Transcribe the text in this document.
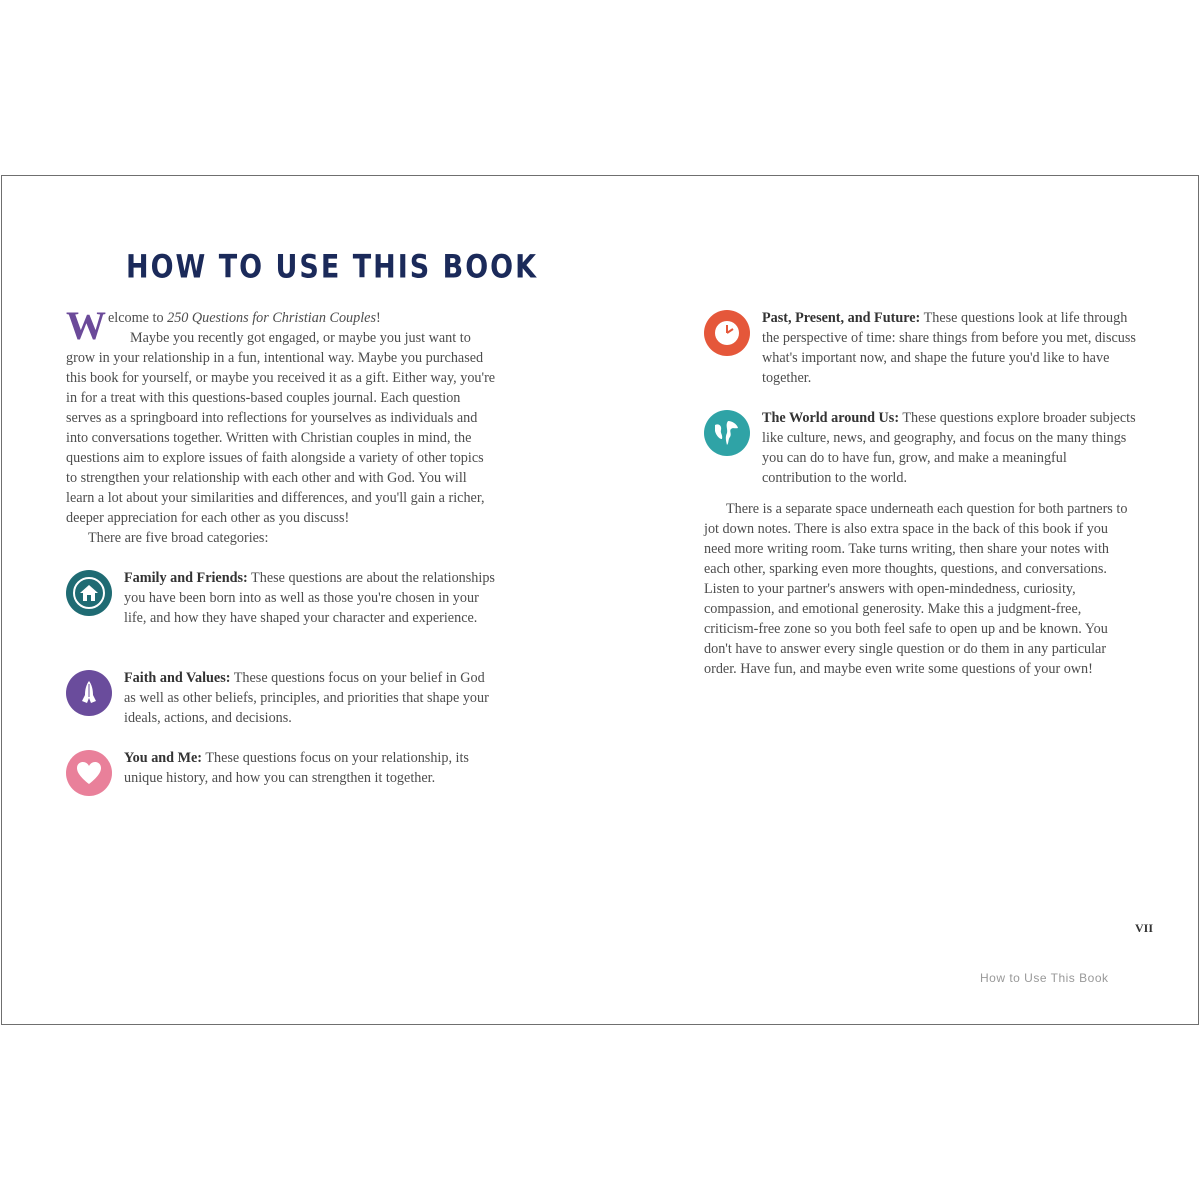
HOW TO USE THIS BOOK

Welcome to 250 Questions for Christian Couples!

Maybe you recently got engaged, or maybe you just want to grow in your relationship in a fun, intentional way. Maybe you purchased this book for yourself, or maybe you received it as a gift. Either way, you're in for a treat with this questions-based couples journal. Each question serves as a springboard into reflections for yourselves as individuals and into conversations together. Written with Christian couples in mind, the questions aim to explore issues of faith alongside a variety of other topics to strengthen your relationship with each other and with God. You will learn a lot about your similarities and differences, and you'll gain a richer, deeper appreciation for each other as you discuss!

There are five broad categories:

Family and Friends: These questions are about the relationships you have been born into as well as those you're chosen in your life, and how they have shaped your character and experience.
Faith and Values: These questions focus on your belief in God as well as other beliefs, principles, and priorities that shape your ideals, actions, and decisions.
You and Me: These questions focus on your relationship, its unique history, and how you can strengthen it together.
Past, Present, and Future: These questions look at life through the perspective of time: share things from before you met, discuss what's important now, and shape the future you'd like to have together.
The World around Us: These questions explore broader subjects like culture, news, and geography, and focus on the many things you can do to have fun, grow, and make a meaningful contribution to the world.

There is a separate space underneath each question for both partners to jot down notes. There is also extra space in the back of this book if you need more writing room. Take turns writing, then share your notes with each other, sparking even more thoughts, questions, and conversations. Listen to your partner's answers with open-mindedness, curiosity, compassion, and emotional generosity. Make this a judgment-free, criticism-free zone so you both feel safe to open up and be known. You don't have to answer every single question or do them in any particular order. Have fun, and maybe even write some questions of your own!

VII
How to Use This Book
